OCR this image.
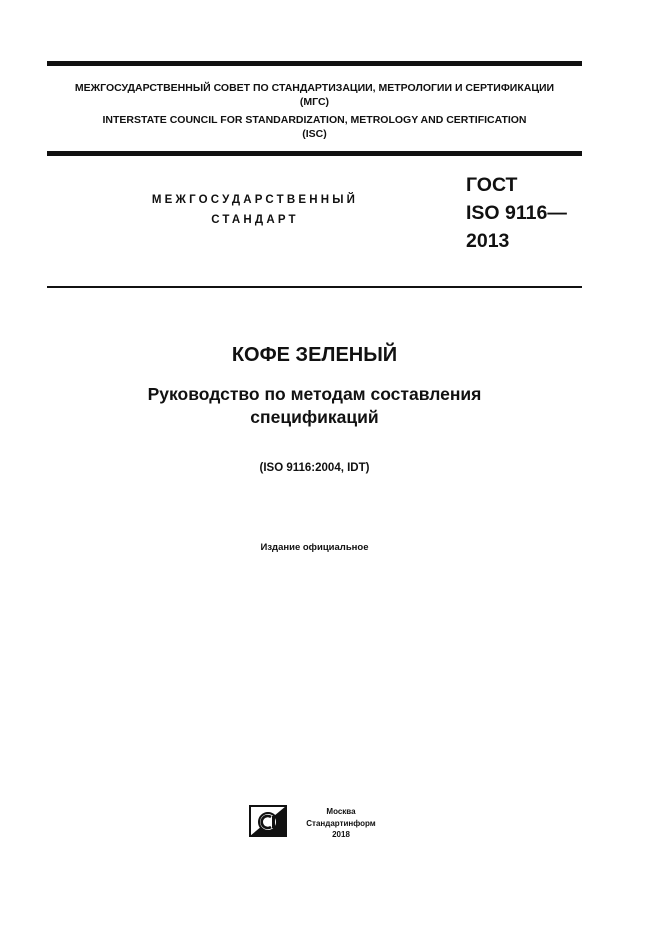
МЕЖГОСУДАРСТВЕННЫЙ СОВЕТ ПО СТАНДАРТИЗАЦИИ, МЕТРОЛОГИИ И СЕРТИФИКАЦИИ
(МГС)
INTERSTATE COUNCIL FOR STANDARDIZATION, METROLOGY AND CERTIFICATION
(ISC)
МЕЖГОСУДАРСТВЕННЫЙ
СТАНДАРТ
ГОСТ
ISO 9116—
2013
КОФЕ ЗЕЛЕНЫЙ
Руководство по методам составления
спецификаций
(ISO 9116:2004, IDT)
Издание официальное
Москва
Стандартинформ
2018
